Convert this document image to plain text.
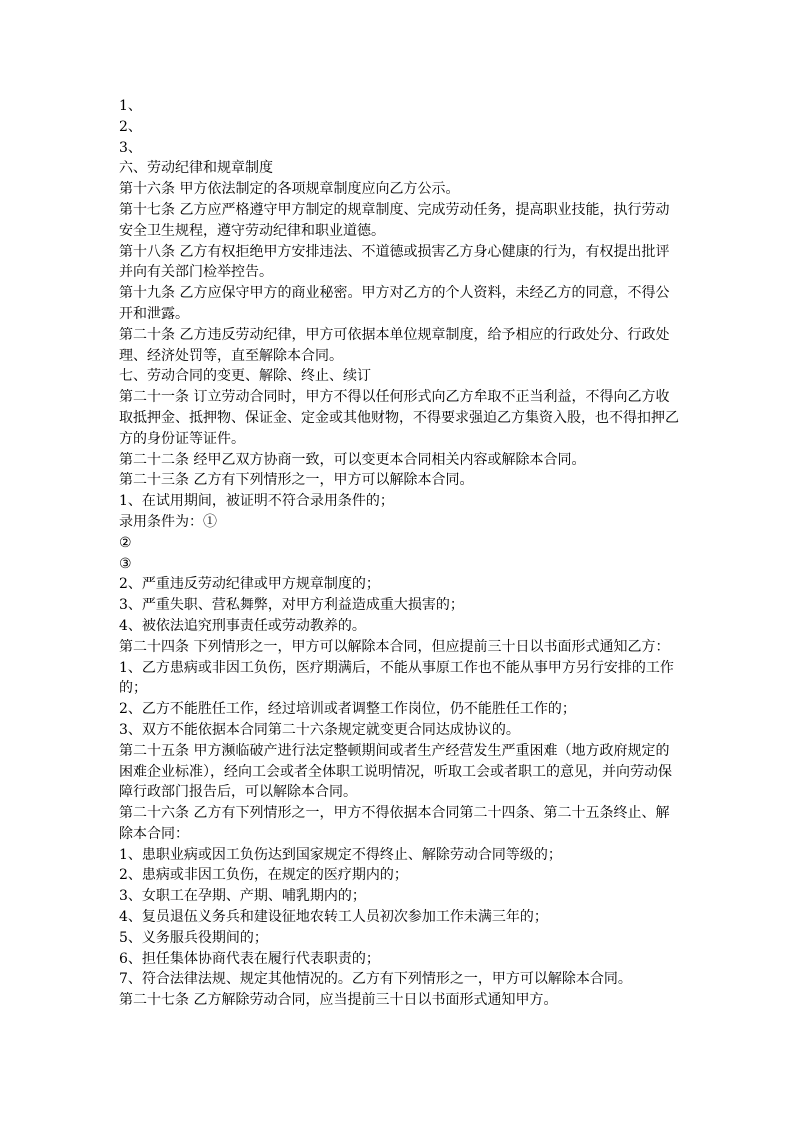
1、
2、
3、
六、劳动纪律和规章制度
第十六条 甲方依法制定的各项规章制度应向乙方公示。
第十七条 乙方应严格遵守甲方制定的规章制度、完成劳动任务，提高职业技能，执行劳动
安全卫生规程，遵守劳动纪律和职业道德。
第十八条 乙方有权拒绝甲方安排违法、不道德或损害乙方身心健康的行为，有权提出批评
并向有关部门检举控告。
第十九条 乙方应保守甲方的商业秘密。甲方对乙方的个人资料，未经乙方的同意，不得公
开和泄露。
第二十条 乙方违反劳动纪律，甲方可依据本单位规章制度，给予相应的行政处分、行政处
理、经济处罚等，直至解除本合同。
七、劳动合同的变更、解除、终止、续订
第二十一条 订立劳动合同时，甲方不得以任何形式向乙方牟取不正当利益，不得向乙方收
取抵押金、抵押物、保证金、定金或其他财物，不得要求强迫乙方集资入股，也不得扣押乙
方的身份证等证件。
第二十二条 经甲乙双方协商一致，可以变更本合同相关内容或解除本合同。
第二十三条 乙方有下列情形之一，甲方可以解除本合同。
1、在试用期间，被证明不符合录用条件的；
录用条件为：①
②
③
2、严重违反劳动纪律或甲方规章制度的；
3、严重失职、营私舞弊，对甲方利益造成重大损害的；
4、被依法追究刑事责任或劳动教养的。
第二十四条 下列情形之一，甲方可以解除本合同，但应提前三十日以书面形式通知乙方：
1、乙方患病或非因工负伤，医疗期满后，不能从事原工作也不能从事甲方另行安排的工作
的；
2、乙方不能胜任工作，经过培训或者调整工作岗位，仍不能胜任工作的；
3、双方不能依据本合同第二十六条规定就变更合同达成协议的。
第二十五条 甲方濒临破产进行法定整顿期间或者生产经营发生严重困难（地方政府规定的
困难企业标准），经向工会或者全体职工说明情况，听取工会或者职工的意见，并向劳动保
障行政部门报告后，可以解除本合同。
第二十六条 乙方有下列情形之一，甲方不得依据本合同第二十四条、第二十五条终止、解
除本合同：
1、患职业病或因工负伤达到国家规定不得终止、解除劳动合同等级的；
2、患病或非因工负伤，在规定的医疗期内的；
3、女职工在孕期、产期、哺乳期内的；
4、复员退伍义务兵和建设征地农转工人员初次参加工作未满三年的；
5、义务服兵役期间的；
6、担任集体协商代表在履行代表职责的；
7、符合法律法规、规定其他情况的。乙方有下列情形之一，甲方可以解除本合同。
第二十七条 乙方解除劳动合同，应当提前三十日以书面形式通知甲方。
